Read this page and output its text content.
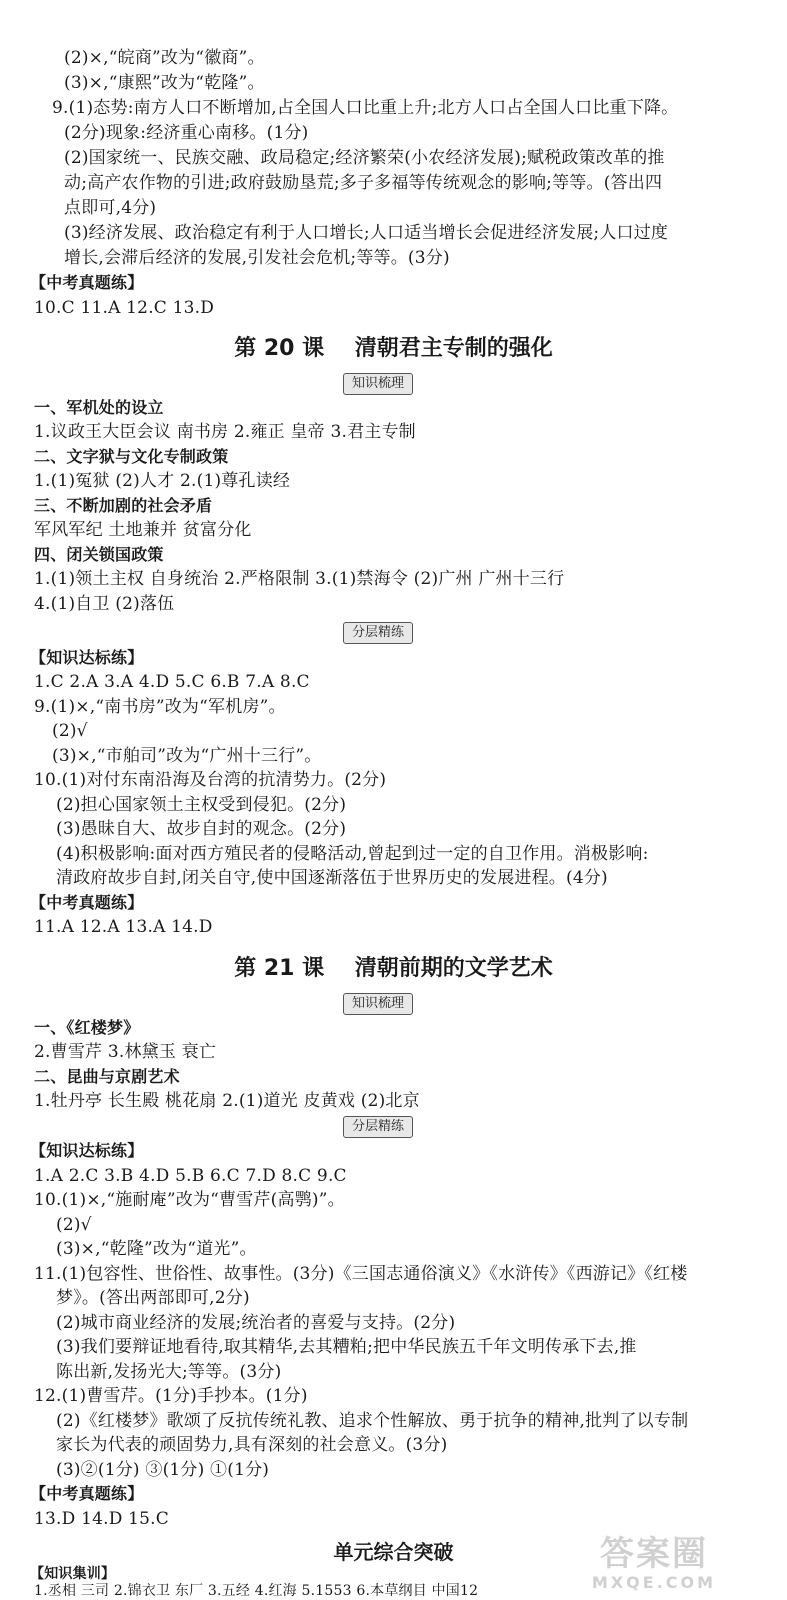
(2)×,“皖商”改为“徽商”。
(3)×,“康熙”改为“乾隆”。
9.(1)态势:南方人口不断增加,占全国人口比重上升;北方人口占全国人口比重下降。
(2分)现象:经济重心南移。(1分)
(2)国家统一、民族交融、政局稳定;经济繁荣(小农经济发展);赋税政策改革的推
动;高产农作物的引进;政府鼓励垦荒;多子多福等传统观念的影响;等等。(答出四
点即可,4分)
(3)经济发展、政治稳定有利于人口增长;人口适当增长会促进经济发展;人口过度
增长,会滞后经济的发展,引发社会危机;等等。(3分)
【中考真题练】
10.C 11.A 12.C 13.D
第 20 课    清朝君主专制的强化
知识梳理
一、军机处的设立
1.议政王大臣会议 南书房 2.雍正 皇帝 3.君主专制
二、文字狱与文化专制政策
1.(1)冤狱 (2)人才 2.(1)尊孔读经
三、不断加剧的社会矛盾
军风军纪 土地兼并 贫富分化
四、闭关锁国政策
1.(1)领土主权 自身统治 2.严格限制 3.(1)禁海令 (2)广州 广州十三行
4.(1)自卫 (2)落伍
分层精练
【知识达标练】
1.C 2.A 3.A 4.D 5.C 6.B 7.A 8.C
9.(1)×,“南书房”改为“军机房”。
(2)√
(3)×,“市舶司”改为“广州十三行”。
10.(1)对付东南沿海及台湾的抗清势力。(2分)
(2)担心国家领土主权受到侵犯。(2分)
(3)愚昧自大、故步自封的观念。(2分)
(4)积极影响:面对西方殖民者的侵略活动,曾起到过一定的自卫作用。消极影响:
清政府故步自封,闭关自守,使中国逐渐落伍于世界历史的发展进程。(4分)
【中考真题练】
11.A 12.A 13.A 14.D
第 21 课    清朝前期的文学艺术
知识梳理
一、《红楼梦》
2.曹雪芹 3.林黛玉 衰亡
二、昆曲与京剧艺术
1.牡丹亭 长生殿 桃花扇 2.(1)道光 皮黄戏 (2)北京
分层精练
【知识达标练】
1.A 2.C 3.B 4.D 5.B 6.C 7.D 8.C 9.C
10.(1)×,“施耐庵”改为“曹雪芹(高鹗)”。
(2)√
(3)×,“乾隆”改为“道光”。
11.(1)包容性、世俗性、故事性。(3分)《三国志通俗演义》《水浒传》《西游记》《红楼
梦》。(答出两部即可,2分)
(2)城市商业经济的发展;统治者的喜爱与支持。(2分)
(3)我们要辩证地看待,取其精华,去其糟粕;把中华民族五千年文明传承下去,推
陈出新,发扬光大;等等。(3分)
12.(1)曹雪芹。(1分)手抄本。(1分)
(2)《红楼梦》歌颂了反抗传统礼教、追求个性解放、勇于抗争的精神,批判了以专制
家长为代表的顽固势力,具有深刻的社会意义。(3分)
(3)②(1分) ③(1分) ①(1分)
【中考真题练】
13.D 14.D 15.C
单元综合突破
【知识集训】
1.丞相 三司 2.锦衣卫 东厂 3.五经 4.红海 5.1553 6.本草纲目 中国12
答案圈
MXQE.COM
